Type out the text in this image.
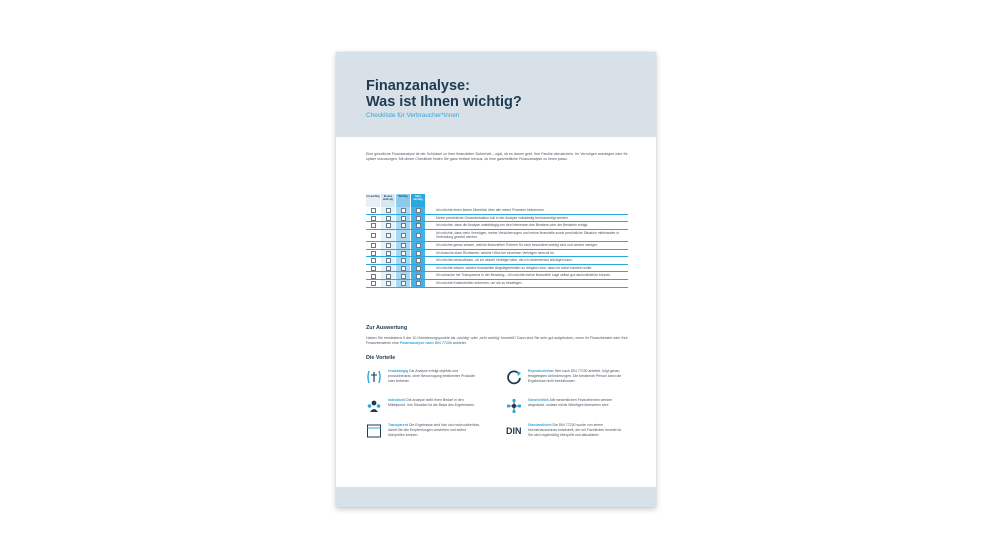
Finanzanalyse:
Was ist Ihnen wichtig?
Checkliste für Verbraucher*innen

Eine gründliche Finanzanalyse ist der Schlüssel zu Ihrer finanziellen Sicherheit – egal, ob es darum geht, Ihre Familie abzusichern, Ihr Vermögen anzulegen oder für später vorzusorgen. Mit dieser Checkliste finden Sie ganz einfach heraus, ob eine ganzheitliche Finanzanalyse zu Ihnen passt.

Un-wichtig	Et-was wich-tig
Wichtig	Sehr wichtig
Ich möchte einen klaren Überblick über alle meine Finanzen bekommen.
Meine persönliche Gesamtsituation soll in der Analyse vollständig berücksichtigt werden.
Ich möchte, dass die Analyse unabhängig von den Interessen des Beraters oder der Beraterin erfolgt.
Ich möchte, dass mein Vermögen, meine Versicherungen und meine finanzielle sowie persönliche Situation miteinander in Verbindung gesetzt werden.
Ich möchte genau wissen, welche finanziellen Themen für mich besonders wichtig sind und welche weniger.
Ich brauche klare Richtwerte, welche Höhe bei einzelnen Verträgen sinnvoll ist.
Ich möchte herausfinden, ob ich aktuell Verträge habe, die ich bedenkenlos kündigen kann.
Ich möchte wissen, welche finanziellen Angelegenheiten so dringlich sind, dass ich sofort handeln sollte.
Ich wünsche mir Transparenz in der Beratung – ich möchte meine finanzielle Lage selbst gut nachvollziehen können.
Ich möchte Kostentreiber erkennen, um sie zu beseitigen.
Zur Auswertung

Haben Sie mindestens 5 der 10 Orientierungspunkte als „wichtig“ oder „sehr wichtig“ beurteilt? Dann sind Sie sehr gut aufgehoben, wenn Ihr Finanzberater oder Ihre Finanzberaterin eine Finanzanalyse nach DIN 77230 anbietet.

Die Vorteile
Unabhängig Die Analyse erfolgt objektiv und produktneutral, ohne Bevorzugung bestimmter Produkte oder Anbieter.
Individuell Die Analyse stellt Ihren Bedarf in den Mittelpunkt. Ihre Situation ist die Basis des Ergebnisses.
Transparent Die Ergebnisse sind klar und nachvollziehbar, damit Sie alle Empfehlungen verstehen und selbst überprüfen können.
Reproduzierbar Wer nach DIN 77230 arbeitet, folgt genau festgelegten Anforderungen. Die beratende Person kann die Ergebnisse nicht beeinflussen.
Ganzheitlich Alle wesentlichen Finanzthemen werden abgedeckt, sodass nichts Wichtiges übersehen wird.
DIN
Standardisiert Die DIN 77230 wurde von einem Normenausschuss entwickelt, der mit Fachleuten besetzt ist. Sie wird regelmäßig überprüft und aktualisiert.
